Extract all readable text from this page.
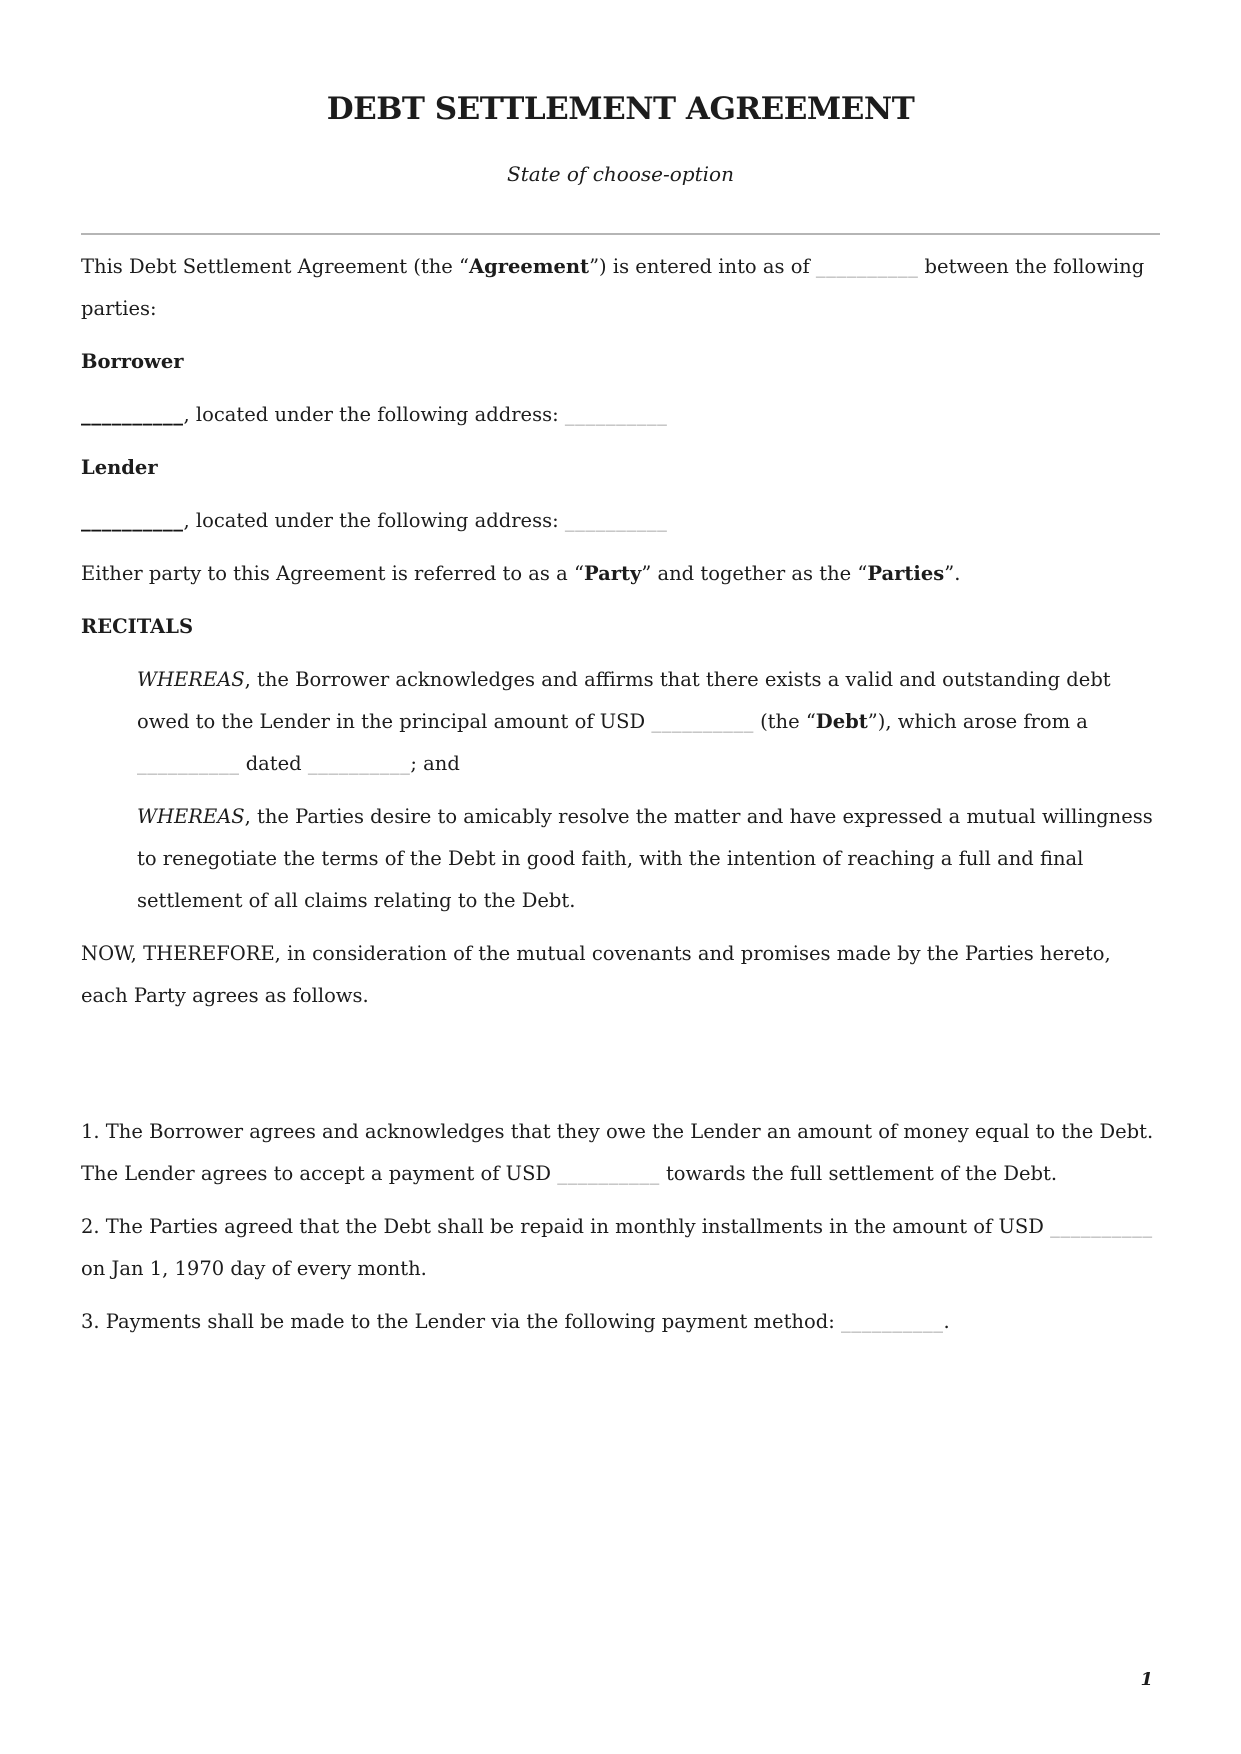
DEBT SETTLEMENT AGREEMENT
State of choose-option

This Debt Settlement Agreement (the “Agreement”) is entered into as of __________ between the following parties:

Borrower

__________, located under the following address: __________

Lender

__________, located under the following address: __________

Either party to this Agreement is referred to as a “Party” and together as the “Parties”.

RECITALS

WHEREAS, the Borrower acknowledges and affirms that there exists a valid and outstanding debt owed to the Lender in the principal amount of USD __________ (the “Debt”), which arose from a __________ dated __________; and

WHEREAS, the Parties desire to amicably resolve the matter and have expressed a mutual willingness to renegotiate the terms of the Debt in good faith, with the intention of reaching a full and final settlement of all claims relating to the Debt.

NOW, THEREFORE, in consideration of the mutual covenants and promises made by the Parties hereto, each Party agrees as follows.

1. The Borrower agrees and acknowledges that they owe the Lender an amount of money equal to the Debt. The Lender agrees to accept a payment of USD __________ towards the full settlement of the Debt.

2. The Parties agreed that the Debt shall be repaid in monthly installments in the amount of USD __________ on Jan 1, 1970 day of every month.

3. Payments shall be made to the Lender via the following payment method: __________.

1
